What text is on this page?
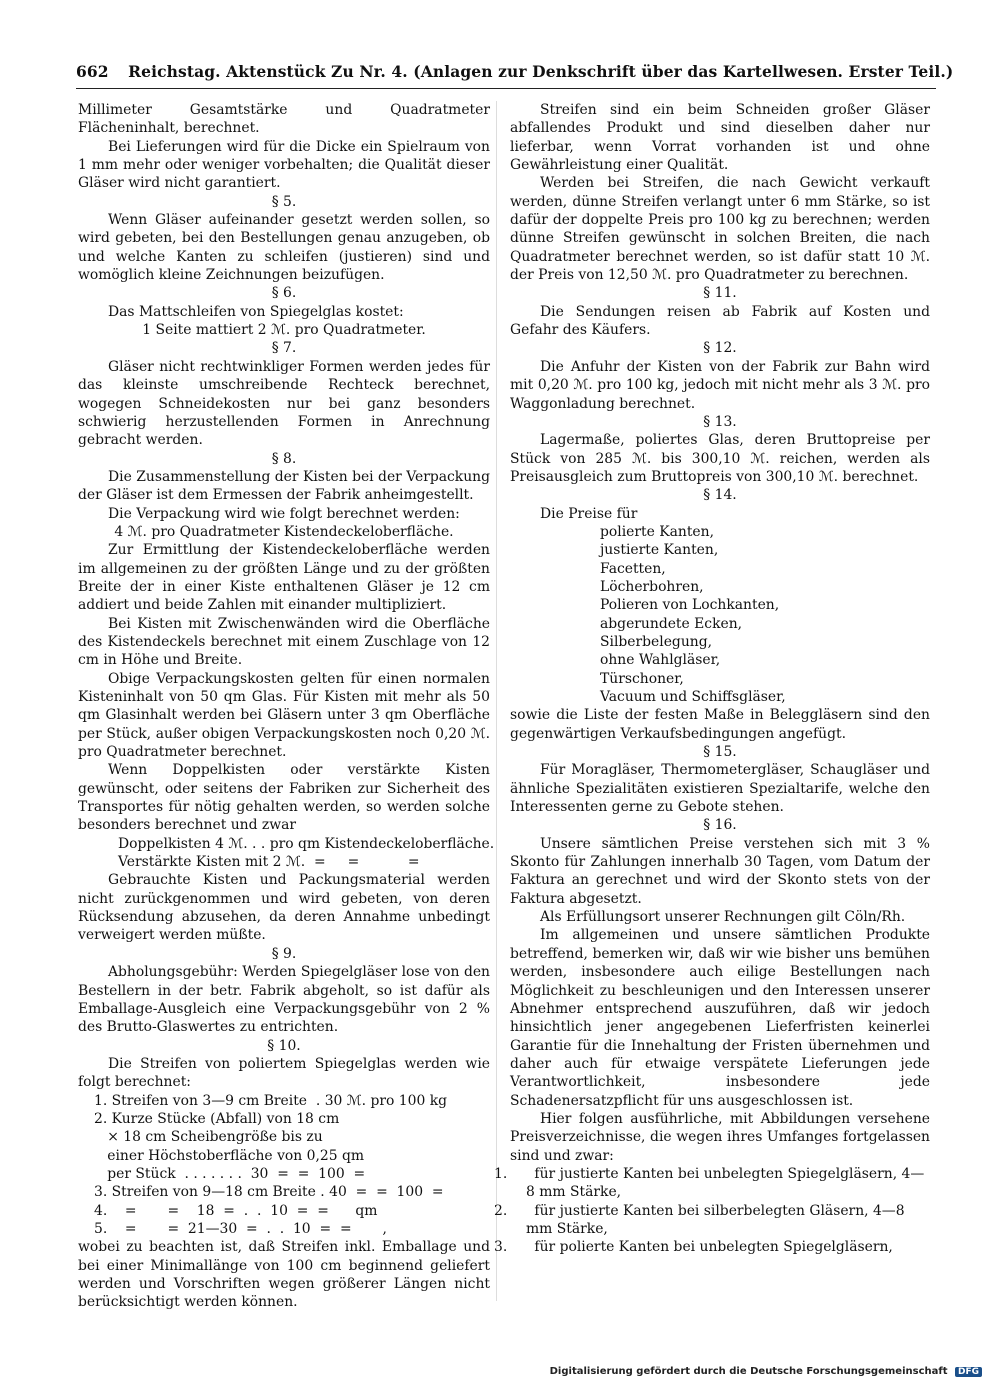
662 Reichstag. Aktenstück Zu Nr. 4. (Anlagen zur Denkschrift über das Kartellwesen. Erster Teil.)

Millimeter Gesamtstärke und Quadratmeter Flächeninhalt, berechnet.

Bei Lieferungen wird für die Dicke ein Spielraum von 1 mm mehr oder weniger vorbehalten; die Qualität dieser Gläser wird nicht garantiert.

§ 5.

Wenn Gläser aufeinander gesetzt werden sollen, so wird gebeten, bei den Bestellungen genau anzugeben, ob und welche Kanten zu schleifen (justieren) sind und womöglich kleine Zeichnungen beizufügen.

§ 6.

Das Mattschleifen von Spiegelglas kostet:

1 Seite mattiert 2 ℳ. pro Quadratmeter.

§ 7.

Gläser nicht rechtwinkliger Formen werden jedes für das kleinste umschreibende Rechteck berechnet, wogegen Schneidekosten nur bei ganz besonders schwierig herzustellenden Formen in Anrechnung gebracht werden.

§ 8.

Die Zusammenstellung der Kisten bei der Verpackung der Gläser ist dem Ermessen der Fabrik anheimgestellt.

Die Verpackung wird wie folgt berechnet werden:

4 ℳ. pro Quadratmeter Kistendeckeloberfläche.

Zur Ermittlung der Kistendeckeloberfläche werden im allgemeinen zu der größten Länge und zu der größten Breite der in einer Kiste enthaltenen Gläser je 12 cm addiert und beide Zahlen mit einander multipliziert.

Bei Kisten mit Zwischenwänden wird die Oberfläche des Kistendeckels berechnet mit einem Zuschlage von 12 cm in Höhe und Breite.

Obige Verpackungskosten gelten für einen normalen Kisteninhalt von 50 qm Glas. Für Kisten mit mehr als 50 qm Glasinhalt werden bei Gläsern unter 3 qm Oberfläche per Stück, außer obigen Verpackungskosten noch 0,20 ℳ. pro Quadratmeter berechnet.

Wenn Doppelkisten oder verstärkte Kisten gewünscht, oder seitens der Fabriken zur Sicherheit des Transportes für nötig gehalten werden, so werden solche besonders berechnet und zwar

Doppelkisten 4 ℳ. . . pro qm Kistendeckeloberfläche.

Verstärkte Kisten mit 2 ℳ.  =     =           =

Gebrauchte Kisten und Packungsmaterial werden nicht zurückgenommen und wird gebeten, von deren Rücksendung abzusehen, da deren Annahme unbedingt verweigert werden müßte.

§ 9.

Abholungsgebühr: Werden Spiegelgläser lose von den Bestellern in der betr. Fabrik abgeholt, so ist dafür als Emballage-Ausgleich eine Verpackungsgebühr von 2 % des Brutto-Glaswertes zu entrichten.

§ 10.

Die Streifen von poliertem Spiegelglas werden wie folgt berechnet:

1. Streifen von 3—9 cm Breite  . 30 ℳ. pro 100 kg

2. Kurze Stücke (Abfall) von 18 cm

× 18 cm Scheibengröße bis zu

einer Höchstoberfläche von 0,25 qm

per Stück  . . . . . . .  30  =  =  100  =

3. Streifen von 9—18 cm Breite . 40  =  =  100  =

4.    =       =    18  =  .  .  10  =  =      qm

5.    =       =  21—30  =  .  .  10  =  =       ,

wobei zu beachten ist, daß Streifen inkl. Emballage und bei einer Minimallänge von 100 cm beginnend geliefert werden und Vorschriften wegen größerer Längen nicht berücksichtigt werden können.

Streifen sind ein beim Schneiden großer Gläser abfallendes Produkt und sind dieselben daher nur lieferbar, wenn Vorrat vorhanden ist und ohne Gewährleistung einer Qualität.

Werden bei Streifen, die nach Gewicht verkauft werden, dünne Streifen verlangt unter 6 mm Stärke, so ist dafür der doppelte Preis pro 100 kg zu berechnen; werden dünne Streifen gewünscht in solchen Breiten, die nach Quadratmeter berechnet werden, so ist dafür statt 10 ℳ. der Preis von 12,50 ℳ. pro Quadratmeter zu berechnen.

§ 11.

Die Sendungen reisen ab Fabrik auf Kosten und Gefahr des Käufers.

§ 12.

Die Anfuhr der Kisten von der Fabrik zur Bahn wird mit 0,20 ℳ. pro 100 kg, jedoch mit nicht mehr als 3 ℳ. pro Waggonladung berechnet.

§ 13.

Lagermaße, poliertes Glas, deren Bruttopreise per Stück von 285 ℳ. bis 300,10 ℳ. reichen, werden als Preisausgleich zum Bruttopreis von 300,10 ℳ. berechnet.

§ 14.

Die Preise für

polierte Kanten,

justierte Kanten,

Facetten,

Löcherbohren,

Polieren von Lochkanten,

abgerundete Ecken,

Silberbelegung,

ohne Wahlgläser,

Türschoner,

Vacuum und Schiffsgläser,

sowie die Liste der festen Maße in Beleggläsern sind den gegenwärtigen Verkaufsbedingungen angefügt.

§ 15.

Für Moragläser, Thermometergläser, Schaugläser und ähnliche Spezialitäten existieren Spezialtarife, welche den Interessenten gerne zu Gebote stehen.

§ 16.

Unsere sämtlichen Preise verstehen sich mit 3 % Skonto für Zahlungen innerhalb 30 Tagen, vom Datum der Faktura an gerechnet und wird der Skonto stets von der Faktura abgesetzt.

Als Erfüllungsort unserer Rechnungen gilt Cöln/Rh.

Im allgemeinen und unsere sämtlichen Produkte betreffend, bemerken wir, daß wir wie bisher uns bemühen werden, insbesondere auch eilige Bestellungen nach Möglichkeit zu beschleunigen und den Interessen unserer Abnehmer entsprechend auszuführen, daß wir jedoch hinsichtlich jener angegebenen Lieferfristen keinerlei Garantie für die Innehaltung der Fristen übernehmen und daher auch für etwaige verspätete Lieferungen jede Verantwortlichkeit, insbesondere jede Schadenersatzpflicht für uns ausgeschlossen ist.

Hier folgen ausführliche, mit Abbildungen versehene Preisverzeichnisse, die wegen ihres Umfanges fortgelassen sind und zwar:

1. für justierte Kanten bei unbelegten Spiegelgläsern, 4—8 mm Stärke,

2. für justierte Kanten bei silberbelegten Gläsern, 4—8 mm Stärke,

3. für polierte Kanten bei unbelegten Spiegelgläsern,

Digitalisierung gefördert durch die Deutsche Forschungsgemeinschaft DFG
